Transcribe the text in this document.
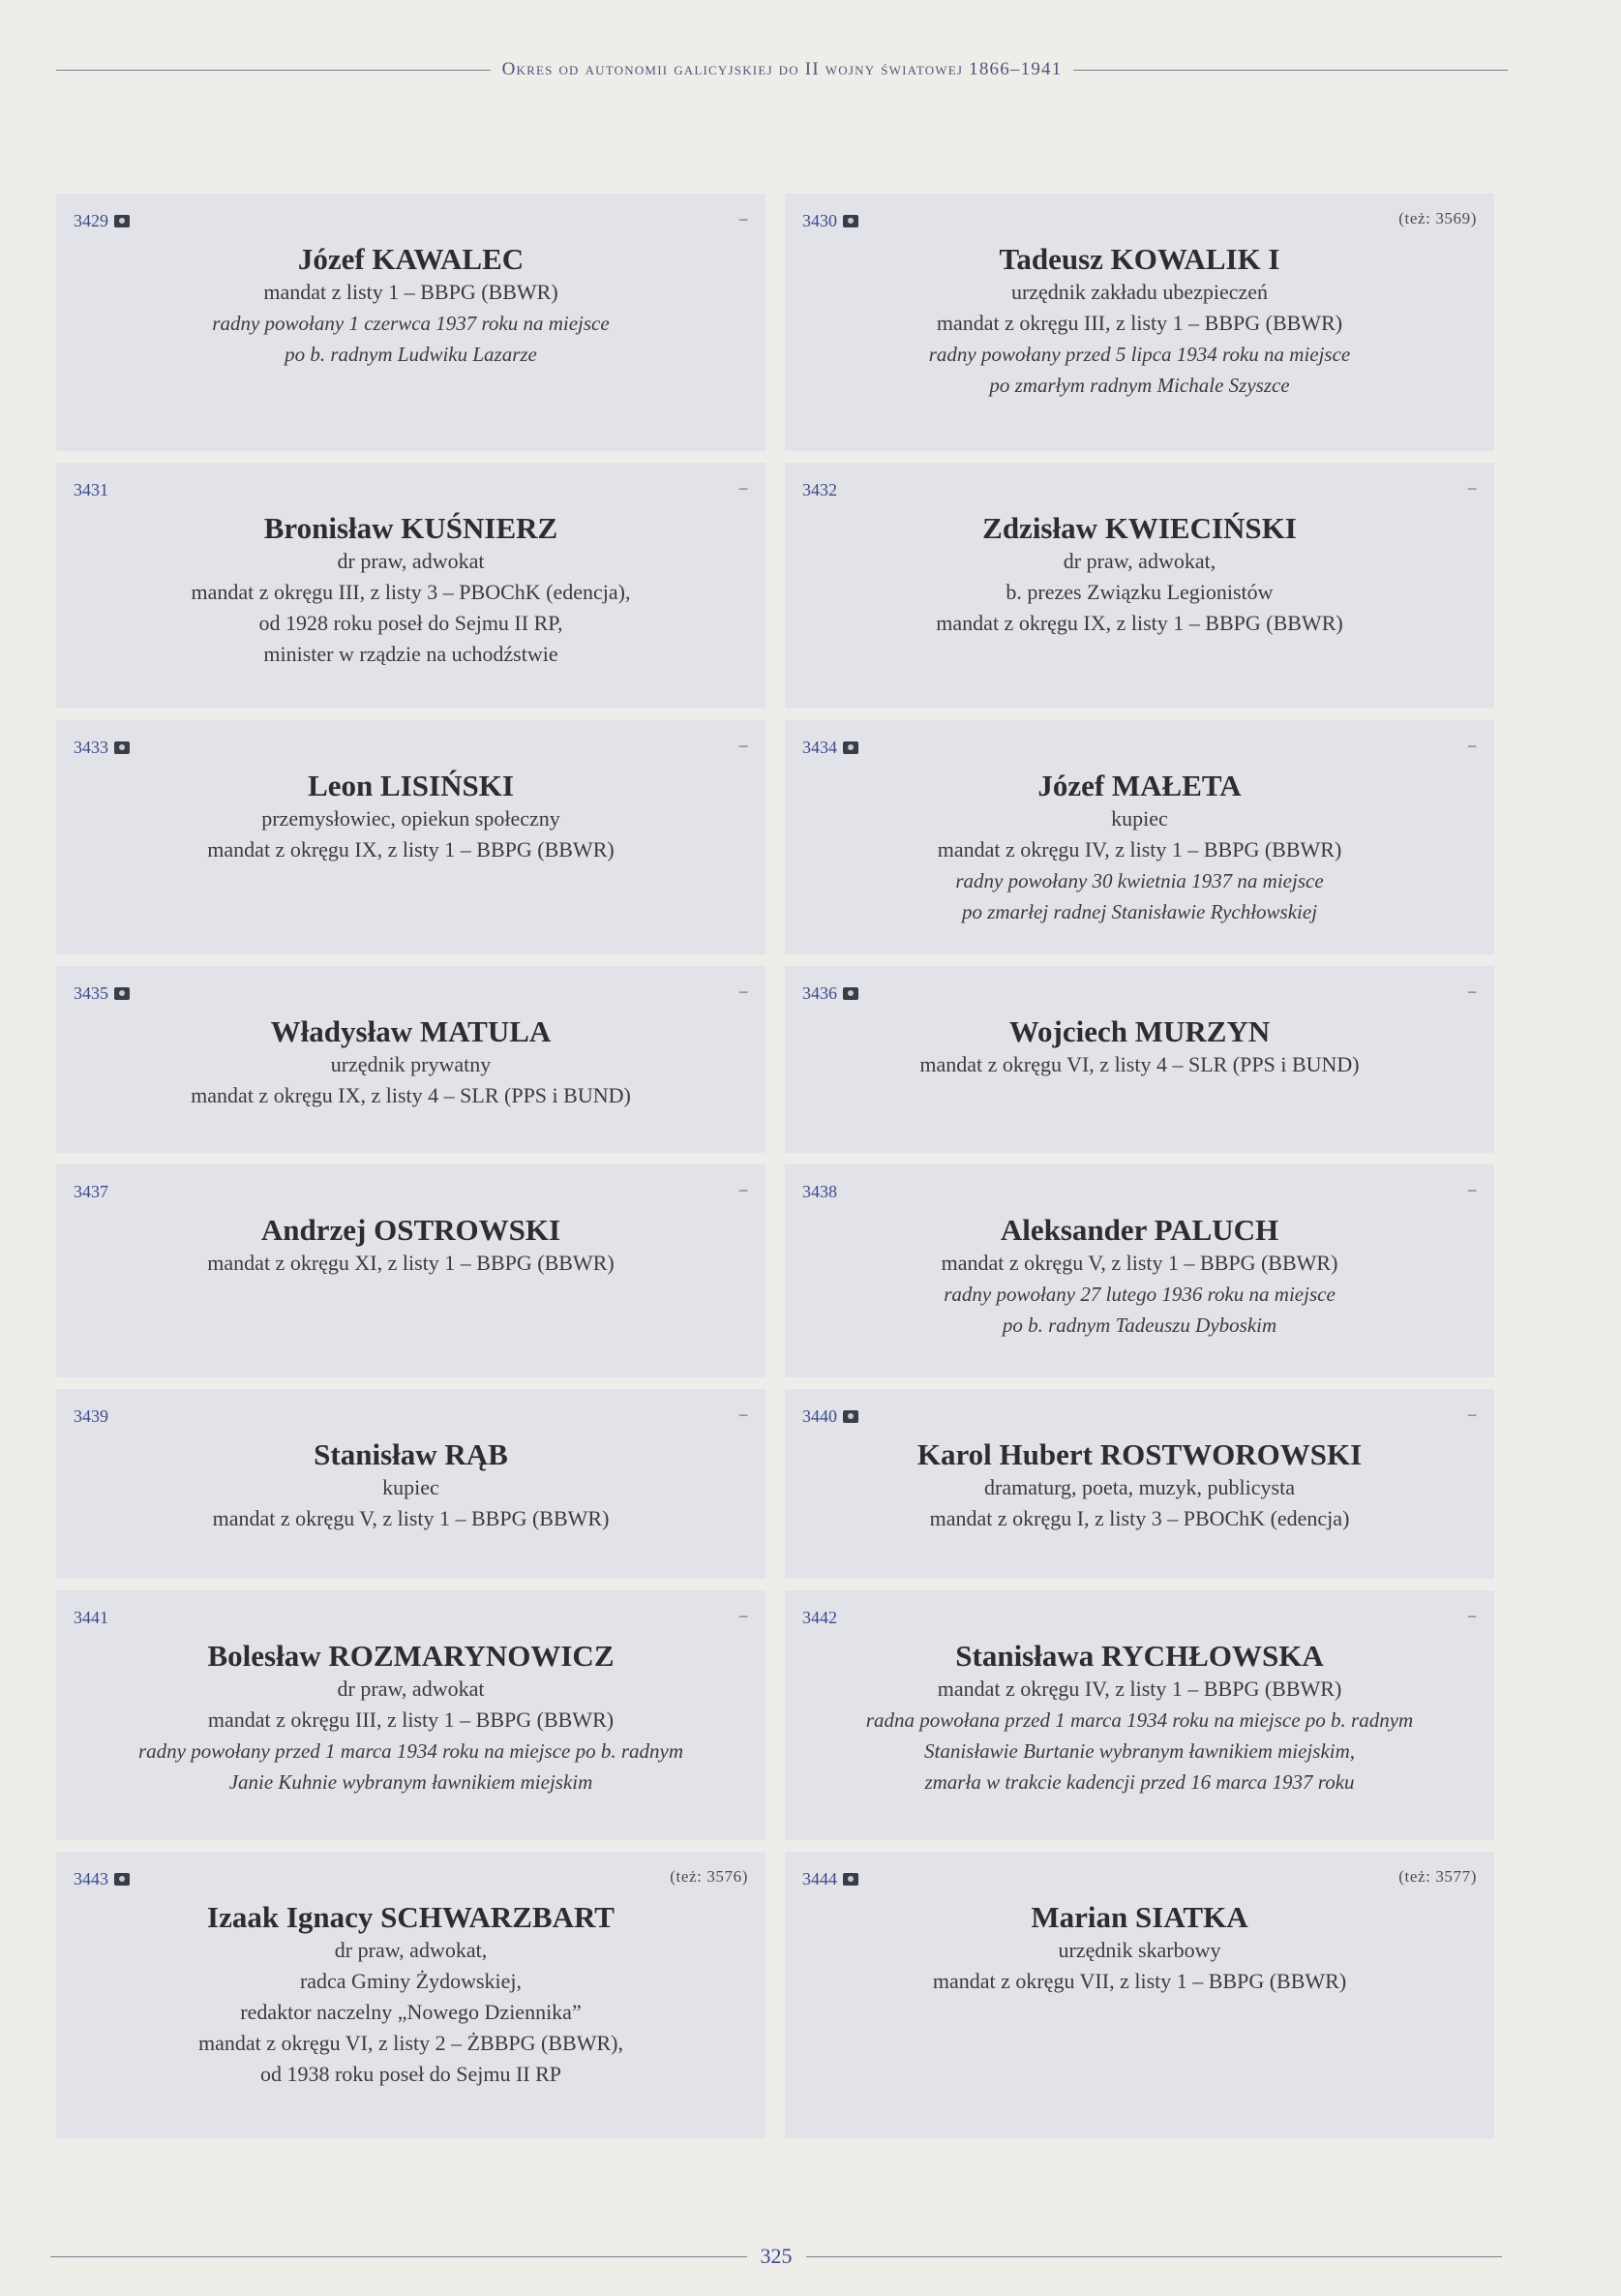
Okres od autonomii galicyjskiej do II wojny światowej 1866–1941
3429	–
Józef KAWALEC
mandat z listy 1 – BBPG (BBWR)
radny powołany 1 czerwca 1937 roku na miejsce
po b. radnym Ludwiku Lazarze
3430	(też: 3569)
Tadeusz KOWALIK I
urzędnik zakładu ubezpieczeń
mandat z okręgu III, z listy 1 – BBPG (BBWR)
radny powołany przed 5 lipca 1934 roku na miejsce
po zmarłym radnym Michale Szyszce
3431	–
Bronisław KUŚNIERZ
dr praw, adwokat
mandat z okręgu III, z listy 3 – PBOChK (edencja),
od 1928 roku poseł do Sejmu II RP,
minister w rządzie na uchodźstwie
3432	–
Zdzisław KWIECIŃSKI
dr praw, adwokat,
b. prezes Związku Legionistów
mandat z okręgu IX, z listy 1 – BBPG (BBWR)
3433	–
Leon LISIŃSKI
przemysłowiec, opiekun społeczny
mandat z okręgu IX, z listy 1 – BBPG (BBWR)
3434	–
Józef MAŁETA
kupiec
mandat z okręgu IV, z listy 1 – BBPG (BBWR)
radny powołany 30 kwietnia 1937 na miejsce
po zmarłej radnej Stanisławie Rychłowskiej
3435	–
Władysław MATULA
urzędnik prywatny
mandat z okręgu IX, z listy 4 – SLR (PPS i BUND)
3436	–
Wojciech MURZYN
mandat z okręgu VI, z listy 4 – SLR (PPS i BUND)
3437	–
Andrzej OSTROWSKI
mandat z okręgu XI, z listy 1 – BBPG (BBWR)
3438	–
Aleksander PALUCH
mandat z okręgu V, z listy 1 – BBPG (BBWR)
radny powołany 27 lutego 1936 roku na miejsce
po b. radnym Tadeuszu Dyboskim
3439	–
Stanisław RĄB
kupiec
mandat z okręgu V, z listy 1 – BBPG (BBWR)
3440	–
Karol Hubert ROSTWOROWSKI
dramaturg, poeta, muzyk, publicysta
mandat z okręgu I, z listy 3 – PBOChK (edencja)
3441	–
Bolesław ROZMARYNOWICZ
dr praw, adwokat
mandat z okręgu III, z listy 1 – BBPG (BBWR)
radny powołany przed 1 marca 1934 roku na miejsce po b. radnym
Janie Kuhnie wybranym ławnikiem miejskim
3442	–
Stanisława RYCHŁOWSKA
mandat z okręgu IV, z listy 1 – BBPG (BBWR)
radna powołana przed 1 marca 1934 roku na miejsce po b. radnym
Stanisławie Burtanie wybranym ławnikiem miejskim,
zmarła w trakcie kadencji przed 16 marca 1937 roku
3443	(też: 3576)
Izaak Ignacy SCHWARZBART
dr praw, adwokat,
radca Gminy Żydowskiej,
redaktor naczelny „Nowego Dziennika”
mandat z okręgu VI, z listy 2 – ŻBBPG (BBWR),
od 1938 roku poseł do Sejmu II RP
3444	(też: 3577)
Marian SIATKA
urzędnik skarbowy
mandat z okręgu VII, z listy 1 – BBPG (BBWR)
325
